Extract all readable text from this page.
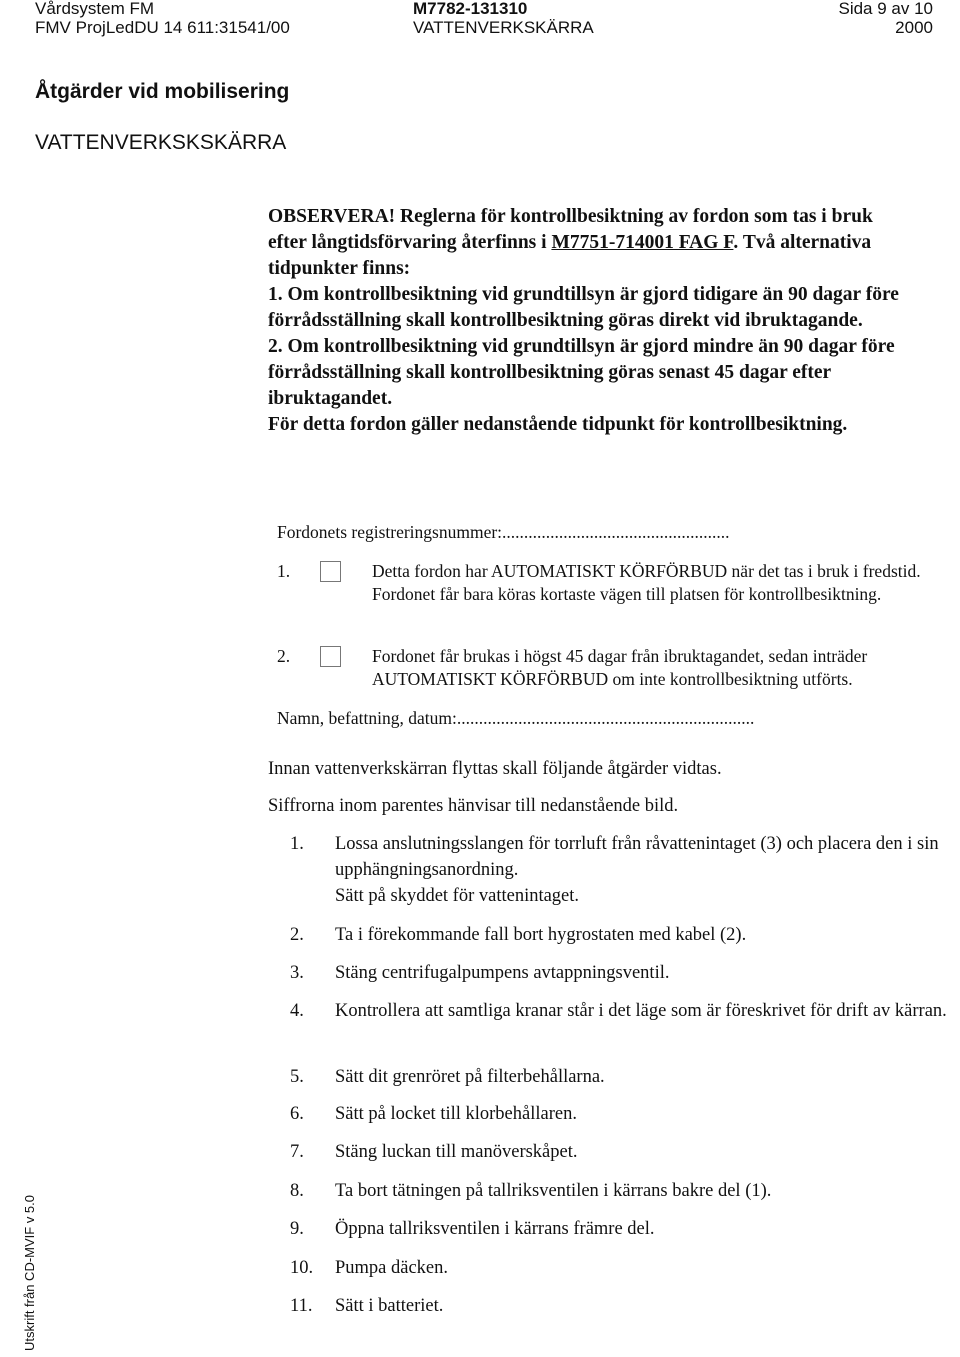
Vårdsystem FM	M7782-131310	Sida 9 av 10
FMV ProjLedDU 14 611:31541/00	VATTENVERKSKÄRRA	2000
Åtgärder vid mobilisering
VATTENVERKSKSKÄRRA

OBSERVERA! Reglerna för kontrollbesiktning av fordon som tas i bruk

efter långtidsförvaring återfinns i M7751-714001 FAG F. Två alternativa

tidpunkter finns:

1. Om kontrollbesiktning vid grundtillsyn är gjord tidigare än 90 dagar före förrådsställning skall kontrollbesiktning göras direkt vid ibruktagande.

2. Om kontrollbesiktning vid grundtillsyn är gjord mindre än 90 dagar före förrådsställning skall kontrollbesiktning göras senast 45 dagar efter ibruktagandet.

För detta fordon gäller nedanstående tidpunkt för kontrollbesiktning.

Fordonets registreringsnummer:....................................................
1.	Detta fordon har AUTOMATISKT KÖRFÖRBUD när det tas i bruk i fredstid. Fordonet får bara köras kortaste vägen till platsen för kontrollbesiktning.
2.	Fordonet får brukas i högst 45 dagar från ibruktagandet, sedan inträder AUTOMATISKT KÖRFÖRBUD om inte kontrollbesiktning utförts.
Namn, befattning, datum:....................................................................
Innan vattenverkskärran flyttas skall följande åtgärder vidtas.
Siffrorna inom parentes hänvisar till nedanstående bild.
1. Lossa anslutningsslangen för torrluft från råvattenintaget (3) och placera den i sin upphängningsanordning.
Sätt på skyddet för vattenintaget.
2. Ta i förekommande fall bort hygrostaten med kabel (2).
3. Stäng centrifugalpumpens avtappningsventil.
4. Kontrollera att samtliga kranar står i det läge som är föreskrivet för drift av kärran.
5. Sätt dit grenröret på filterbehållarna.
6. Sätt på locket till klorbehållaren.
7. Stäng luckan till manöverskåpet.
8. Ta bort tätningen på tallriksventilen i kärrans bakre del (1).
9. Öppna tallriksventilen i kärrans främre del.
10. Pumpa däcken.
11. Sätt i batteriet.
Utskrift från CD-MVIF v 5.0
